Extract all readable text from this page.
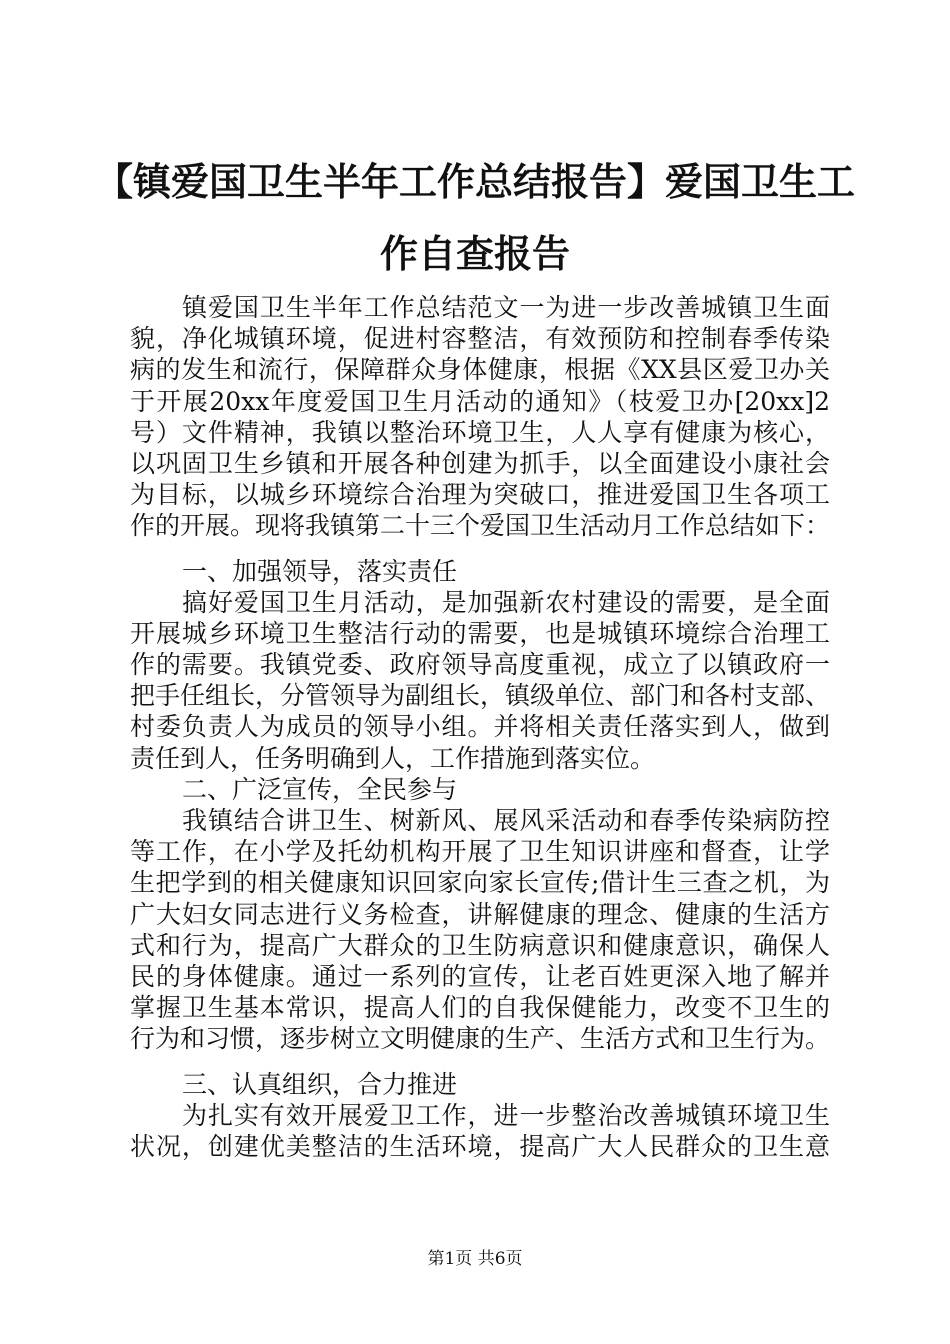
【镇爱国卫生半年工作总结报告】爱国卫生工
作自查报告
镇爱国卫生半年工作总结范文一为进一步改善城镇卫生面
貌，净化城镇环境，促进村容整洁，有效预防和控制春季传染
病的发生和流行，保障群众身体健康，根据《XX县区爱卫办关
于开展20xx年度爱国卫生月活动的通知》（枝爱卫办[20xx]2
号）文件精神，我镇以整治环境卫生，人人享有健康为核心，
以巩固卫生乡镇和开展各种创建为抓手，以全面建设小康社会
为目标，以城乡环境综合治理为突破口，推进爱国卫生各项工
作的开展。现将我镇第二十三个爱国卫生活动月工作总结如下：
一、加强领导，落实责任
搞好爱国卫生月活动，是加强新农村建设的需要，是全面
开展城乡环境卫生整洁行动的需要，也是城镇环境综合治理工
作的需要。我镇党委、政府领导高度重视，成立了以镇政府一
把手任组长，分管领导为副组长，镇级单位、部门和各村支部、
村委负责人为成员的领导小组。并将相关责任落实到人，做到
责任到人，任务明确到人，工作措施到落实位。
二、广泛宣传，全民参与
我镇结合讲卫生、树新风、展风采活动和春季传染病防控
等工作，在小学及托幼机构开展了卫生知识讲座和督查，让学
生把学到的相关健康知识回家向家长宣传;借计生三查之机，为
广大妇女同志进行义务检查，讲解健康的理念、健康的生活方
式和行为，提高广大群众的卫生防病意识和健康意识，确保人
民的身体健康。通过一系列的宣传，让老百姓更深入地了解并
掌握卫生基本常识，提高人们的自我保健能力，改变不卫生的
行为和习惯，逐步树立文明健康的生产、生活方式和卫生行为。
三、认真组织，合力推进
为扎实有效开展爱卫工作，进一步整治改善城镇环境卫生
状况，创建优美整洁的生活环境，提高广大人民群众的卫生意
第1页 共6页
